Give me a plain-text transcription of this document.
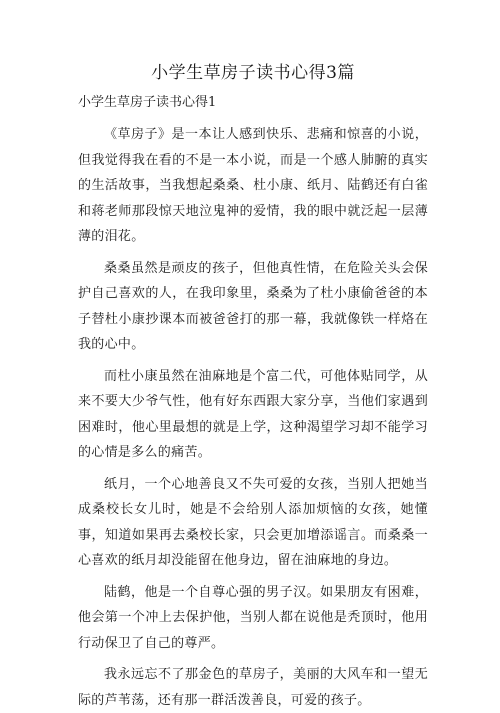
小学生草房子读书心得3篇
小学生草房子读书心得1

《草房子》是一本让人感到快乐、悲痛和惊喜的小说，但我觉得我在看的不是一本小说，而是一个感人肺腑的真实的生活故事，当我想起桑桑、杜小康、纸月、陆鹤还有白雀和蒋老师那段惊天地泣鬼神的爱情，我的眼中就泛起一层薄薄的泪花。

桑桑虽然是顽皮的孩子，但他真性情，在危险关头会保护自己喜欢的人，在我印象里，桑桑为了杜小康偷爸爸的本子替杜小康抄课本而被爸爸打的那一幕，我就像铁一样烙在我的心中。

而杜小康虽然在油麻地是个富二代，可他体贴同学，从来不要大少爷气性，他有好东西跟大家分享，当他们家遇到困难时，他心里最想的就是上学，这种渴望学习却不能学习的心情是多么的痛苦。

纸月，一个心地善良又不失可爱的女孩，当别人把她当成桑校长女儿时，她是不会给别人添加烦恼的女孩，她懂事，知道如果再去桑校长家，只会更加增添谣言。而桑桑一心喜欢的纸月却没能留在他身边，留在油麻地的身边。

陆鹤，他是一个自尊心强的男子汉。如果朋友有困难，他会第一个冲上去保护他，当别人都在说他是秃顶时，他用行动保卫了自己的尊严。

我永远忘不了那金色的草房子，美丽的大风车和一望无际的芦苇荡，还有那一群活泼善良，可爱的孩子。
